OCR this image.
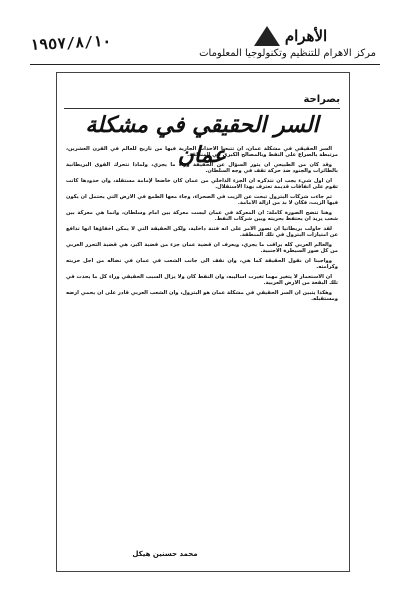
١٩٥٧/٨/١٠	الأهرام
مركز الاهرام للتنظيم وتكنولوجيا المعلومات
بصراحة
السر الحقيقي في مشكلة عمان

السر الحقيقي في مشكلة عمان، ان تتبعنا الاحداث الجارية فيها من تاريخ للعالم في القرن العشرين، مرتبطة بالصراع على النفط وبالمصالح الكبرى في المنطقة.

وقد كان من الطبيعي ان يثور السؤال عن الحقيقة وراء ما يجري، ولماذا تتحرك القوى البريطانية بالطائرات والجنود ضد حركة تقف في وجه السلطان.

ان اول شيء يجب ان نتذكره ان الجزء الداخلي من عمان كان خاضعا لإمامة مستقلة، وان حدودها كانت تقوم على اتفاقات قديمة تعترف بهذا الاستقلال.

ثم جاءت شركات البترول تبحث عن الزيت في الصحراء، وجاء معها الطمع في الارض التي يحتمل ان يكون فيها الزيت، فكان لا بد من ازالة الامامة.

وهنا تتضح الصورة كاملة: ان المعركة في عمان ليست معركة بين امام وسلطان، وانما هي معركة بين شعب يريد ان يحتفظ بحريته وبين شركات النفط.

لقد حاولت بريطانيا ان تصور الامر على انه فتنة داخلية، ولكن الحقيقة التي لا يمكن اخفاؤها انها تدافع عن امتيازات البترول في تلك المنطقة.

والعالم العربي كله يراقب ما يجري، ويعرف ان قضية عمان جزء من قضية اكبر، هي قضية التحرر العربي من كل صور السيطرة الاجنبية.

وواجبنا ان نقول الحقيقة كما هي، وان نقف الى جانب الشعب في عمان في نضاله من اجل حريته وكرامته.

ان الاستعمار لا يتغير مهما تغيرت اساليبه، وان النفط كان ولا يزال السبب الحقيقي وراء كل ما يحدث في تلك البقعة من الارض العربية.

وهكذا يتبين ان السر الحقيقي في مشكلة عمان هو البترول، وان الشعب العربي قادر على ان يحمي ارضه ومستقبله.

محمد حسنين هيكل
